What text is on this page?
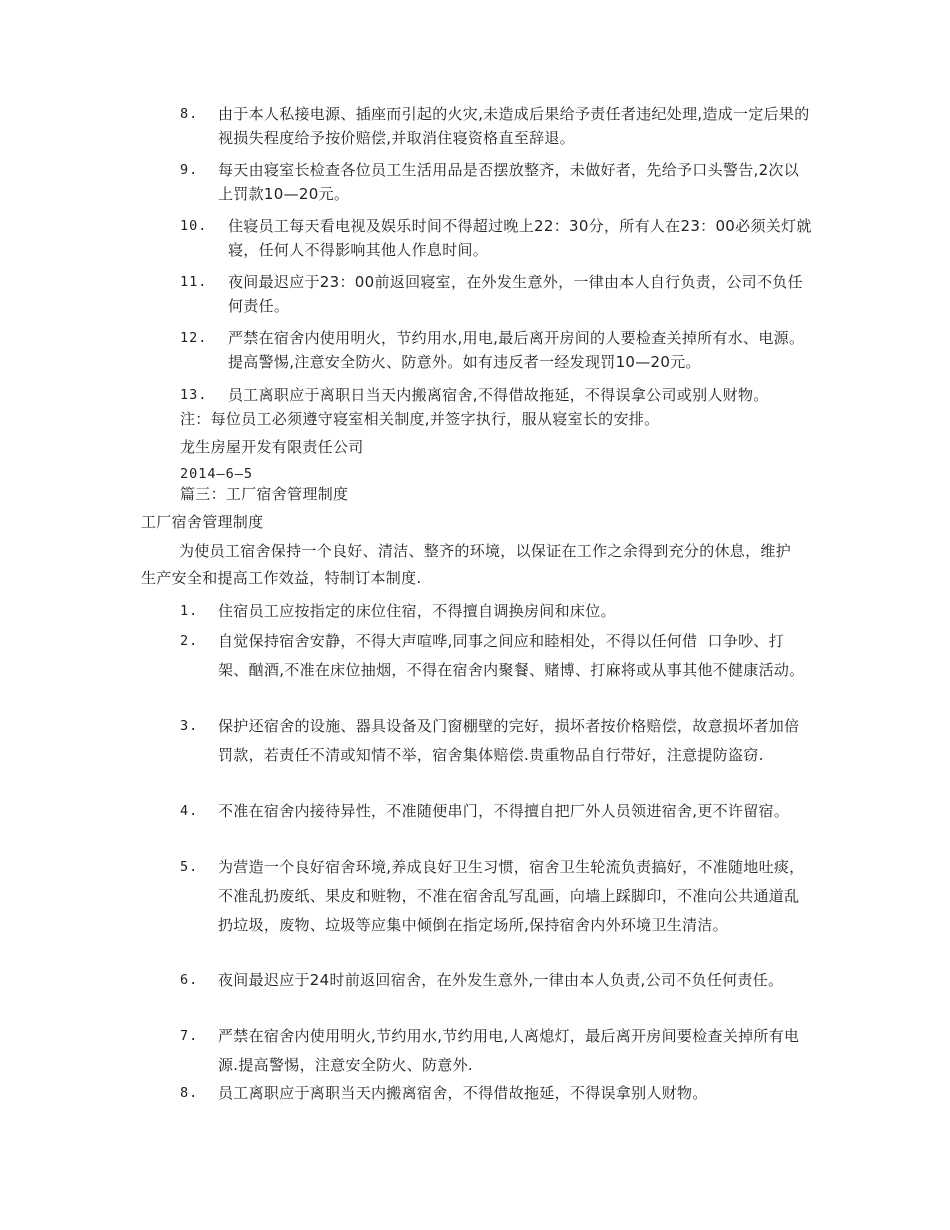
8.	由于本人私接电源、插座而引起的火灾,未造成后果给予责任者违纪处理,造成一定后果的视损失程度给予按价赔偿,并取消住寝资格直至辞退。
9.	每天由寝室长检查各位员工生活用品是否摆放整齐，未做好者，先给予口头警告,2次以上罚款10—20元。
10.	住寝员工每天看电视及娱乐时间不得超过晚上22：30分，所有人在23：00必须关灯就寝，任何人不得影响其他人作息时间。
11.	夜间最迟应于23：00前返回寝室，在外发生意外，一律由本人自行负责，公司不负任何责任。
12.	严禁在宿舍内使用明火，节约用水,用电,最后离开房间的人要检查关掉所有水、电源。提高警惕,注意安全防火、防意外。如有违反者一经发现罚10—20元。
13.	员工离职应于离职日当天内搬离宿舍,不得借故拖延，不得误拿公司或别人财物。
注：每位员工必须遵守寝室相关制度,并签字执行，服从寝室长的安排。
龙生房屋开发有限责任公司
2014—6—5
篇三：工厂宿舍管理制度
工厂宿舍管理制度
为使员工宿舍保持一个良好、清洁、整齐的环境，以保证在工作之余得到充分的休息，维护生产安全和提高工作效益，特制订本制度.
1.	住宿员工应按指定的床位住宿，不得擅自调换房间和床位。
2.	自觉保持宿舍安静，不得大声喧哗,同事之间应和睦相处，不得以任何借  口争吵、打架、酗酒,不准在床位抽烟，不得在宿舍内聚餐、赌博、打麻将或从事其他不健康活动。
3.	保护还宿舍的设施、器具设备及门窗棚壁的完好，损坏者按价格赔偿，故意损坏者加倍罚款，若责任不清或知情不举，宿舍集体赔偿.贵重物品自行带好，注意提防盗窃.
4.	不准在宿舍内接待异性，不准随便串门，不得擅自把厂外人员领进宿舍,更不许留宿。
5.	为营造一个良好宿舍环境,养成良好卫生习惯，宿舍卫生轮流负责搞好，不准随地吐痰，不准乱扔废纸、果皮和赃物，不准在宿舍乱写乱画，向墙上踩脚印，不准向公共通道乱扔垃圾，废物、垃圾等应集中倾倒在指定场所,保持宿舍内外环境卫生清洁。
6.	夜间最迟应于24时前返回宿舍，在外发生意外,一律由本人负责,公司不负任何责任。
7.	严禁在宿舍内使用明火,节约用水,节约用电,人离熄灯，最后离开房间要检查关掉所有电源.提高警惕，注意安全防火、防意外.
8.	员工离职应于离职当天内搬离宿舍，不得借故拖延，不得误拿别人财物。
